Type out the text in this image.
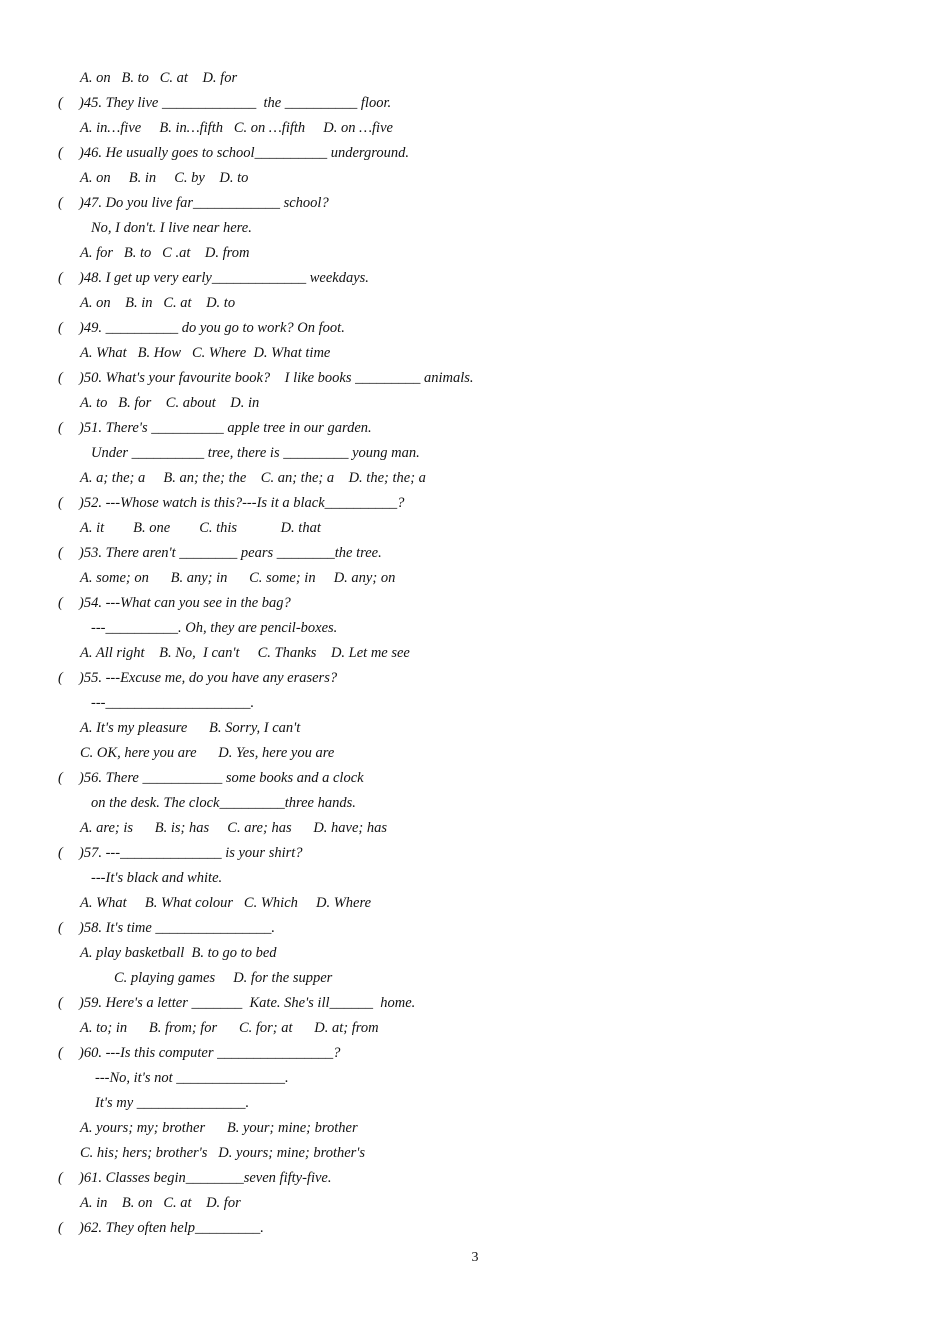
A. on   B. to   C. at    D. for
( )45. They live _____________  the __________ floor.
A. in…five     B. in…fifth   C. on …fifth     D. on …five
( )46. He usually goes to school__________ underground.
A. on     B. in     C. by    D. to
( )47. Do you live far____________ school?
No, I don't. I live near here.
A. for   B. to   C .at    D. from
( )48. I get up very early_____________ weekdays.
A. on    B. in   C. at    D. to
( )49. __________ do you go to work? On foot.
A. What   B. How   C. Where  D. What time
( )50. What's your favourite book?    I like books _________ animals.
A. to   B. for    C. about    D. in
( )51. There's __________ apple tree in our garden.
Under __________ tree, there is _________ young man.
A. a; the; a     B. an; the; the    C. an; the; a    D. the; the; a
( )52. ---Whose watch is this?---Is it a black__________?
A. it        B. one        C. this            D. that
( )53. There aren't ________ pears ________the tree.
A. some; on      B. any; in      C. some; in     D. any; on
( )54. ---What can you see in the bag?
---__________. Oh, they are pencil-boxes.
A. All right    B. No,  I can't     C. Thanks    D. Let me see
( )55. ---Excuse me, do you have any erasers?
---____________________.
A. It's my pleasure      B. Sorry, I can't
C. OK, here you are      D. Yes, here you are
( )56. There ___________ some books and a clock
on the desk. The clock_________three hands.
A. are; is      B. is; has     C. are; has      D. have; has
( )57. ---______________ is your shirt?
---It's black and white.
A. What     B. What colour   C. Which     D. Where
( )58. It's time ________________.
A. play basketball  B. to go to bed
C. playing games     D. for the supper
( )59. Here's a letter _______  Kate. She's ill______  home.
A. to; in      B. from; for      C. for; at      D. at; from
( )60. ---Is this computer ________________?
---No, it's not _______________.
It's my _______________.
A. yours; my; brother      B. your; mine; brother
C. his; hers; brother's   D. yours; mine; brother's
( )61. Classes begin________seven fifty-five.
A. in    B. on   C. at    D. for
( )62. They often help_________.
3
